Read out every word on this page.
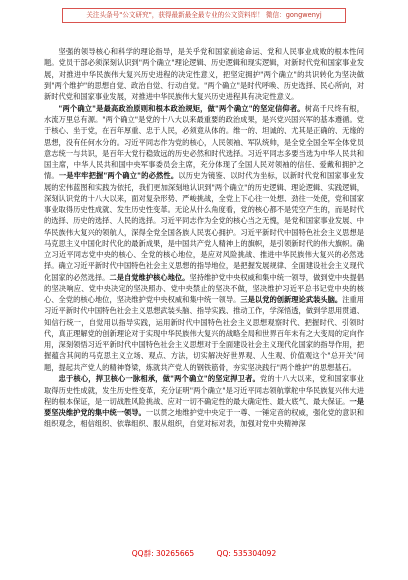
关注头条号"公文研究"，获得最新最全最专业的公文资料库！ 微信：gongwenyj

坚强的领导核心和科学的理论指导，是关乎党和国家前途命运、党和人民事业成败的根本性问题。党员干部必须深刻认识到"两个确立"理论逻辑、历史逻辑和现实逻辑，对新时代党和国家事业发展，对推进中华民族伟大复兴历史进程的决定性意义，把坚定拥护"两个确立"的共识转化为坚决做到"两个维护"的思想自觉、政治自觉、行动自觉。"两个确立"是时代呼唤、历史选择、民心所向，对新时代党和国家事业发展，对推进中华民族伟大复兴历史进程具有决定性意义。

"两个确立"是最高政治原则和根本政治规矩，做"两个确立"的坚定信仰者。树高千尺终有根，水流万里总有源。"两个确立"是党的十八大以来最重要的政治成果，是兴党兴国兴军的基本遵循。党于核心、坐于党，在百年厚重、忠于人民，必须竟从体的。维一的、坦诚的、尤其是正确的、无缘的思想，没有任何水分的。习近平同志作为党的核心，人民领袖、军队统帅，是全党全国全军全体党员意志统一与共识，是百年大党行稳致远的历史必然和时代选择。习近平同志多要当选为中华人民共和国主席，中华人民共和国中央军事委员会主席，充分体现了全国人民对领袖的信任、爱戴和拥护之情。一是牢牢把握"两个确立"的必然性。以历史为镜鉴、以时代为坐标，以新时代党和国家事业发展的宏伟蓝图和实践为依托，我们更加深刻地认识到"两个确立"的历史逻辑、理论逻辑、实践逻辑，深刻认识党的十八大以来，面对复杂形势、严峻挑战，全党上下心往一处想、劲往一处使，党和国家事业取得历史性成就、发生历史性变革。无论从什么角度看，党的核心都不是凭空产生的，而是时代的选择、历史的选择、人民的选择。习近平同志作为全党的核心当之无愧，是党和国家事业发展、中华民族伟大复兴的领航人，深得全党全国各族人民衷心拥护。习近平新时代中国特色社会主义思想是马克思主义中国化时代化的最新成果，是中国共产党人精神上的旗帜，是引领新时代的伟大旗帜。确立习近平同志党中央的核心、全党的核心地位，是应对风险挑战、推进中华民族伟大复兴的必然选择。确立习近平新时代中国特色社会主义思想的指导地位，是把握发展规律、全面建设社会主义现代化国家的必然选择。二是自觉维护核心地位。坚持维护党中央权威和集中统一领导，做到党中央提倡的坚决响应、党中央决定的坚决照办、党中央禁止的坚决不做，坚决维护习近平总书记党中央的核心、全党的核心地位，坚决维护党中央权威和集中统一领导。三是以党的创新理论武装头脑。注重用习近平新时代中国特色社会主义思想武装头脑、指导实践、推动工作，学深悟透，做到学思用贯通、知信行统一，自觉用以指导实践，运用新时代中国特色社会主义思想观察时代、把握时代、引领时代，真正理解党的创新理论对于实现中华民族伟大复兴的战略全局和世界百年未有之大变局的定向作用，深刻领悟习近平新时代中国特色社会主义思想对于全面建设社会主义现代化国家的指导作用，把握蕴含其间的马克思主义立场、观点、方法，切实解决好世界观、人生观、价值观这个"总开关"问题，提起共产党人的精神脊梁，炼就共产党人的钢铁筋骨，夯实坚决践行"两个维护"的思想基石。

忠于核心，捍卫核心一脉相承，做"两个确立"的坚定捍卫者。党的十八大以来，党和国家事业取得历史性成就，发生历史性变革，充分证明"两个确立"是习近平同志领航掌舵中华民族复兴伟大进程的根本保证，是一切战胜风险挑战、应对一切不确定性的最大确定性、最大底气、最大保证。一是要坚决维护党的集中统一领导。一以贯之地维护党中央定于一尊、一锤定音的权威，强化党的意识和组织观念，相信组织、依靠组织、服从组织，自觉对标对表，加强对党中央精神深

QQ群: 30265665	QQ: 535304092
